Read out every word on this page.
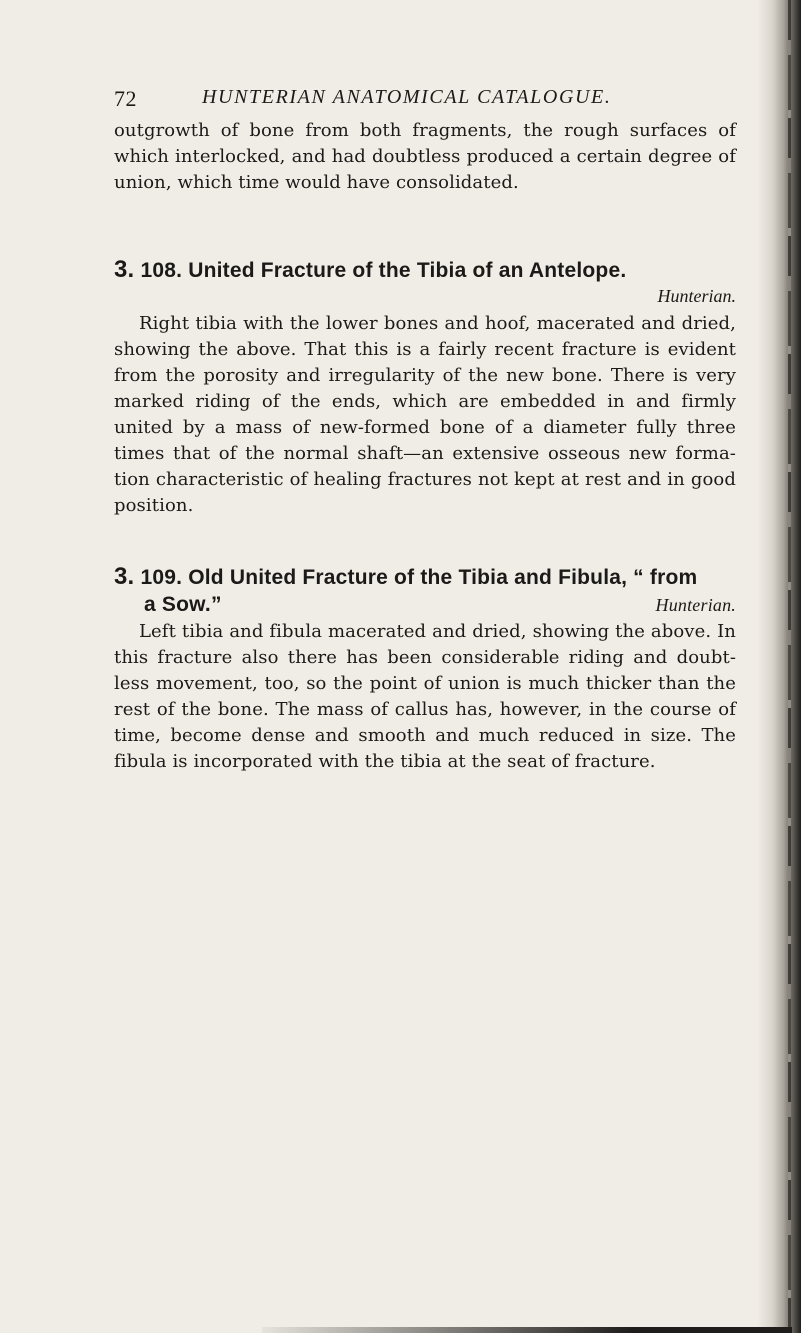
72	HUNTERIAN ANATOMICAL CATALOGUE.

outgrowth of bone from both fragments, the rough surfaces of which interlocked, and had doubtless produced a certain degree of union, which time would have consolidated.

3. 108. United Fracture of the Tibia of an Antelope.
Hunterian.

Right tibia with the lower bones and hoof, macerated and dried, showing the above. That this is a fairly recent fracture is evident from the porosity and irregularity of the new bone. There is very marked riding of the ends, which are embedded in and firmly united by a mass of new-formed bone of a diameter fully three times that of the normal shaft—an extensive osseous new forma-tion characteristic of healing fractures not kept at rest and in good position.

3. 109. Old United Fracture of the Tibia and Fibula, “ from
a Sow.”	Hunterian.

Left tibia and fibula macerated and dried, showing the above. In this fracture also there has been considerable riding and doubt-less movement, too, so the point of union is much thicker than the rest of the bone. The mass of callus has, however, in the course of time, become dense and smooth and much reduced in size. The fibula is incorporated with the tibia at the seat of fracture.
